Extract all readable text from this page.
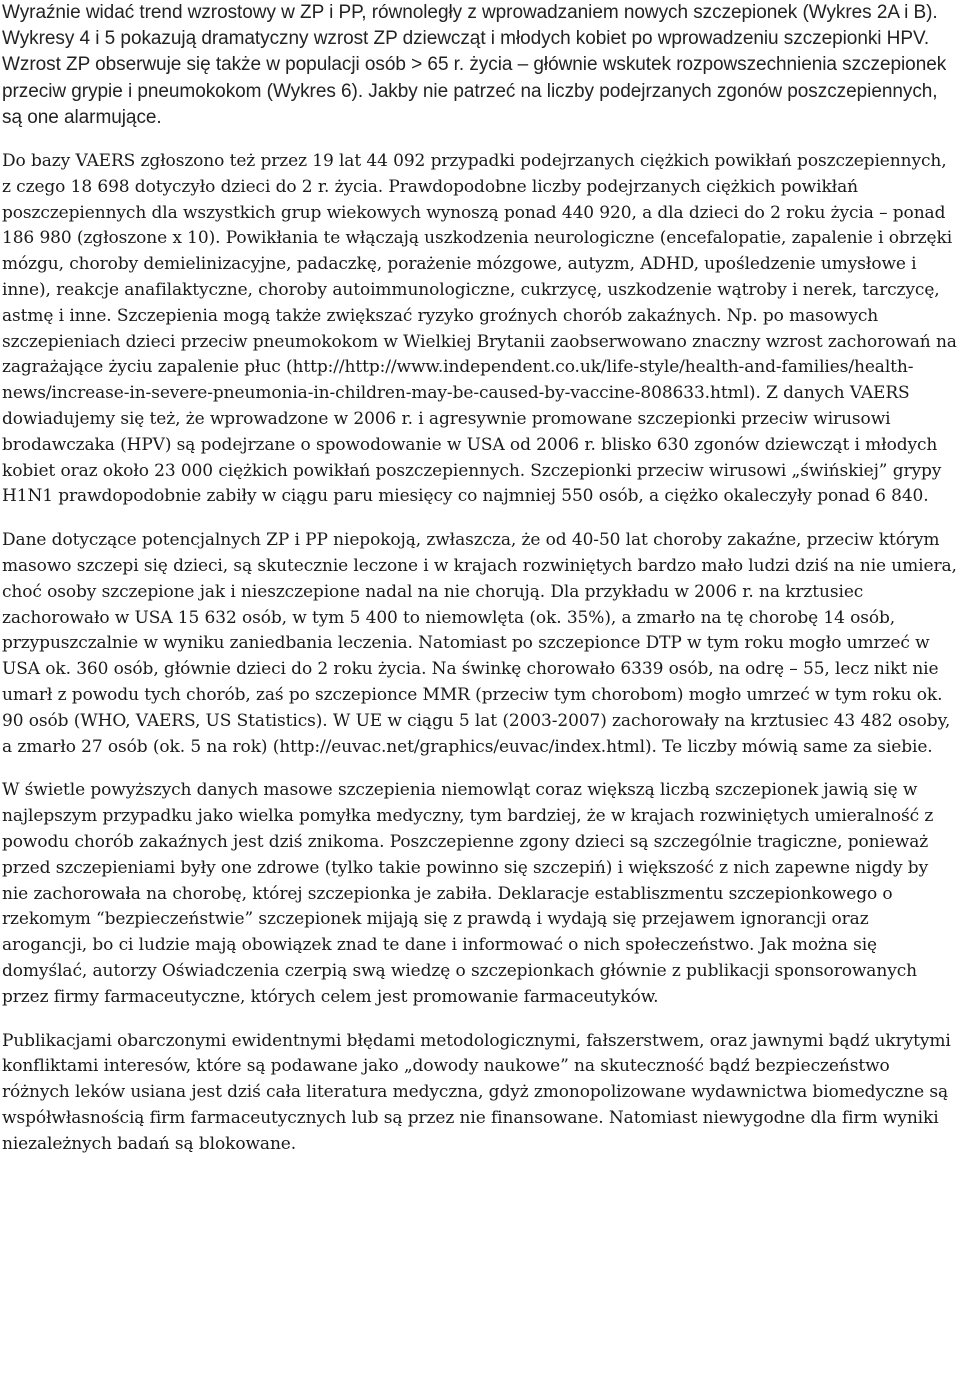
Wyraźnie widać trend wzrostowy w ZP i PP, równoległy z wprowadzaniem nowych szczepionek (Wykres 2A i B). Wykresy 4 i 5 pokazują dramatyczny wzrost ZP dziewcząt i młodych kobiet po wprowadzeniu szczepionki HPV. Wzrost ZP obserwuje się także w populacji osób > 65 r. życia – głównie wskutek rozpowszechnienia szczepionek przeciw grypie i pneumokokom (Wykres 6). Jakby nie patrzeć na liczby podejrzanych zgonów poszczepiennych, są one alarmujące.

Do bazy VAERS zgłoszono też przez 19 lat 44 092 przypadki podejrzanych ciężkich powikłań poszczepiennych, z czego 18 698 dotyczyło dzieci do 2 r. życia. Prawdopodobne liczby podejrzanych ciężkich powikłań poszczepiennych dla wszystkich grup wiekowych wynoszą ponad 440 920, a dla dzieci do 2 roku życia – ponad 186 980 (zgłoszone x 10). Powikłania te włączają uszkodzenia neurologiczne (encefalopatie, zapalenie i obrzęki mózgu, choroby demielinizacyjne, padaczkę, porażenie mózgowe, autyzm, ADHD, upośledzenie umysłowe i inne), reakcje anafilaktyczne, choroby autoimmunologiczne, cukrzycę, uszkodzenie wątroby i nerek, tarczycę, astmę i inne. Szczepienia mogą także zwiększać ryzyko groźnych chorób zakaźnych. Np. po masowych szczepieniach dzieci przeciw pneumokokom w Wielkiej Brytanii zaobserwowano znaczny wzrost zachorowań na zagrażające życiu zapalenie płuc (http://http://www.independent.co.uk/life-style/health-and-families/health-news/increase-in-severe-pneumonia-in-children-may-be-caused-by-vaccine-808633.html). Z danych VAERS dowiadujemy się też, że wprowadzone w 2006 r. i agresywnie promowane szczepionki przeciw wirusowi brodawczaka (HPV) są podejrzane o spowodowanie w USA od 2006 r. blisko 630 zgonów dziewcząt i młodych kobiet oraz około 23 000 ciężkich powikłań poszczepiennych. Szczepionki przeciw wirusowi „świńskiej” grypy H1N1 prawdopodobnie zabiły w ciągu paru miesięcy co najmniej 550 osób, a ciężko okaleczyły ponad 6 840.

Dane dotyczące potencjalnych ZP i PP niepokoją, zwłaszcza, że od 40-50 lat choroby zakaźne, przeciw którym masowo szczepi się dzieci, są skutecznie leczone i w krajach rozwiniętych bardzo mało ludzi dziś na nie umiera, choć osoby szczepione jak i nieszczepione nadal na nie chorują. Dla przykładu w 2006 r. na krztusiec zachorowało w USA 15 632 osób, w tym 5 400 to niemowlęta (ok. 35%), a zmarło na tę chorobę 14 osób, przypuszczalnie w wyniku zaniedbania leczenia. Natomiast po szczepionce DTP w tym roku mogło umrzeć w USA ok. 360 osób, głównie dzieci do 2 roku życia. Na świnkę chorowało 6339 osób, na odrę – 55, lecz nikt nie umarł z powodu tych chorób, zaś po szczepionce MMR (przeciw tym chorobom) mogło umrzeć w tym roku ok. 90 osób (WHO, VAERS, US Statistics). W UE w ciągu 5 lat (2003-2007) zachorowały na krztusiec 43 482 osoby, a zmarło 27 osób (ok. 5 na rok) (http://euvac.net/graphics/euvac/index.html). Te liczby mówią same za siebie.

W świetle powyższych danych masowe szczepienia niemowląt coraz większą liczbą szczepionek jawią się w najlepszym przypadku jako wielka pomyłka medyczny, tym bardziej, że w krajach rozwiniętych umieralność z powodu chorób zakaźnych jest dziś znikoma. Poszczepienne zgony dzieci są szczególnie tragiczne, ponieważ przed szczepieniami były one zdrowe (tylko takie powinno się szczepiń) i większość z nich zapewne nigdy by nie zachorowała na chorobę, której szczepionka je zabiła. Deklaracje establiszmentu szczepionkowego o rzekomym “bezpieczeństwie” szczepionek mijają się z prawdą i wydają się przejawem ignorancji oraz arogancji, bo ci ludzie mają obowiązek znad te dane i informować o nich społeczeństwo. Jak można się domyślać, autorzy Oświadczenia czerpią swą wiedzę o szczepionkach głównie z publikacji sponsorowanych przez firmy farmaceutyczne, których celem jest promowanie farmaceutyków.

Publikacjami obarczonymi ewidentnymi błędami metodologicznymi, fałszerstwem, oraz jawnymi bądź ukrytymi konfliktami interesów, które są podawane jako „dowody naukowe” na skuteczność bądź bezpieczeństwo różnych leków usiana jest dziś cała literatura medyczna, gdyż zmonopolizowane wydawnictwa biomedyczne są współwłasnością firm farmaceutycznych lub są przez nie finansowane. Natomiast niewygodne dla firm wyniki niezależnych badań są blokowane.
